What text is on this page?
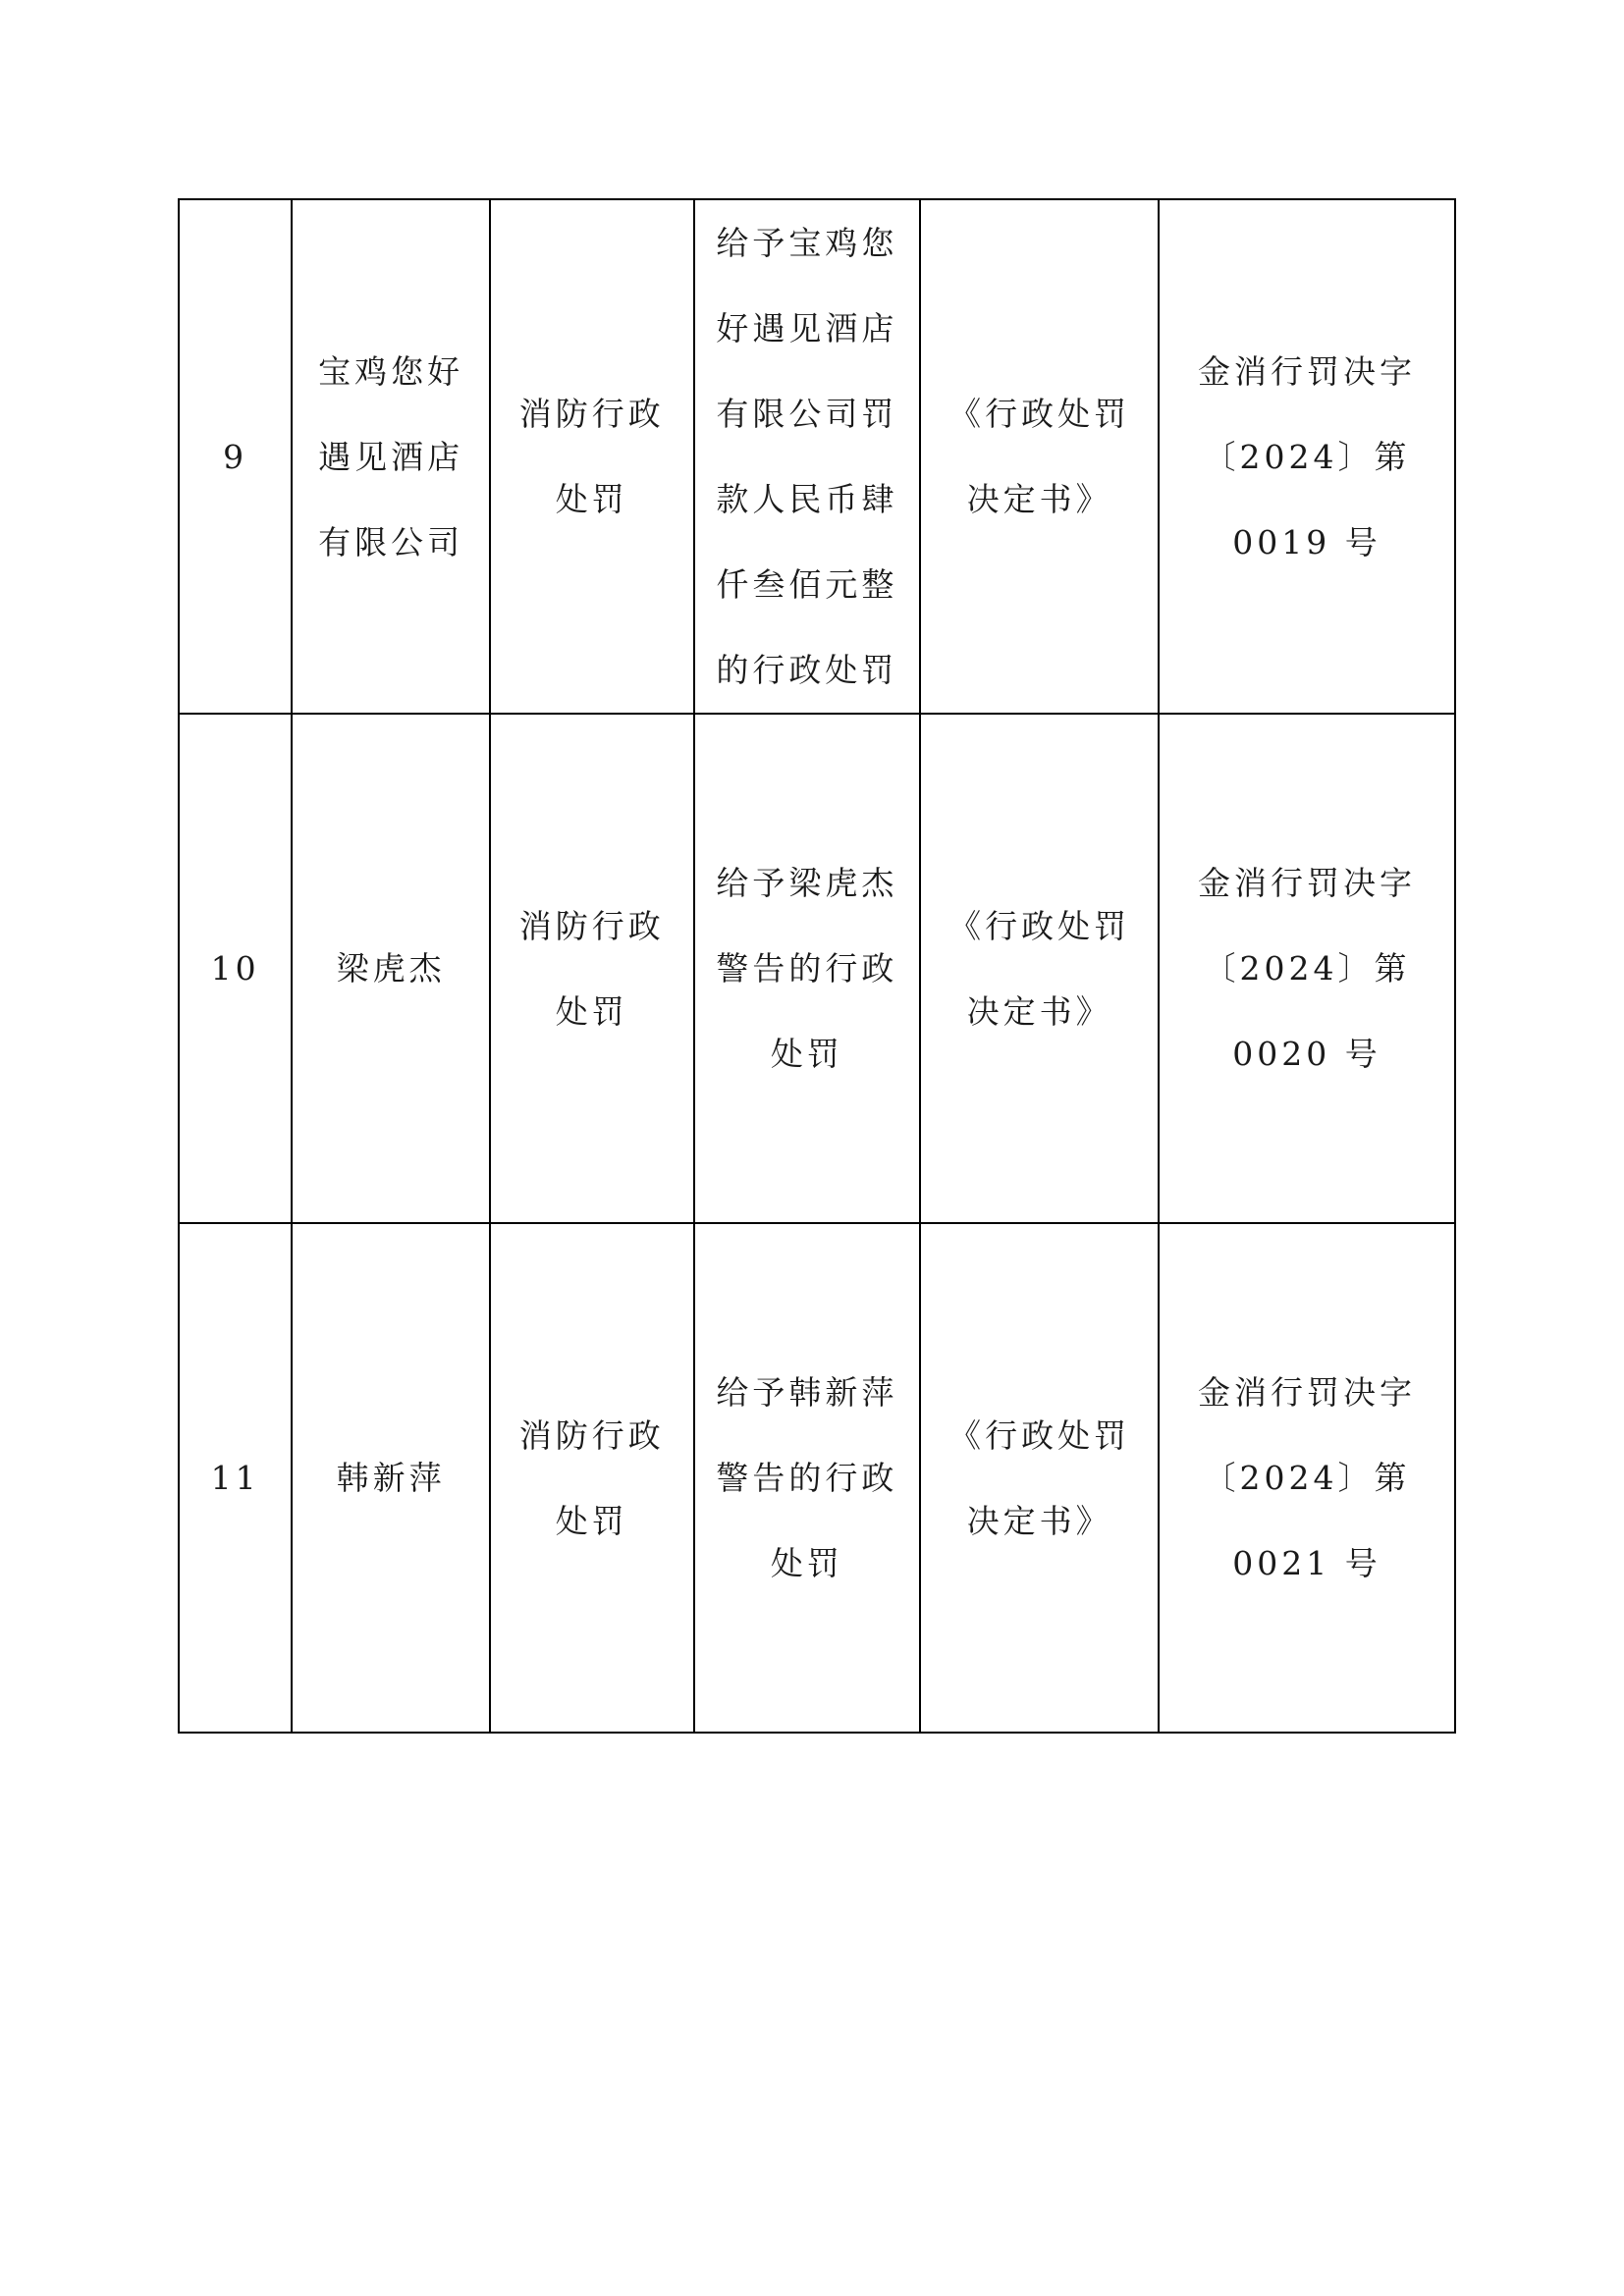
9	宝鸡您好遇见酒店有限公司	消防行政处罚	给予宝鸡您好遇见酒店有限公司罚款人民币肆仟叁佰元整的行政处罚	《行政处罚决定书》	金消行罚决字
〔2024〕第
0019 号

10	梁虎杰	消防行政处罚	给予梁虎杰警告的行政处罚	《行政处罚决定书》	金消行罚决字
〔2024〕第
0020 号

11	韩新萍	消防行政处罚	给予韩新萍警告的行政处罚	《行政处罚决定书》	金消行罚决字
〔2024〕第
0021 号
